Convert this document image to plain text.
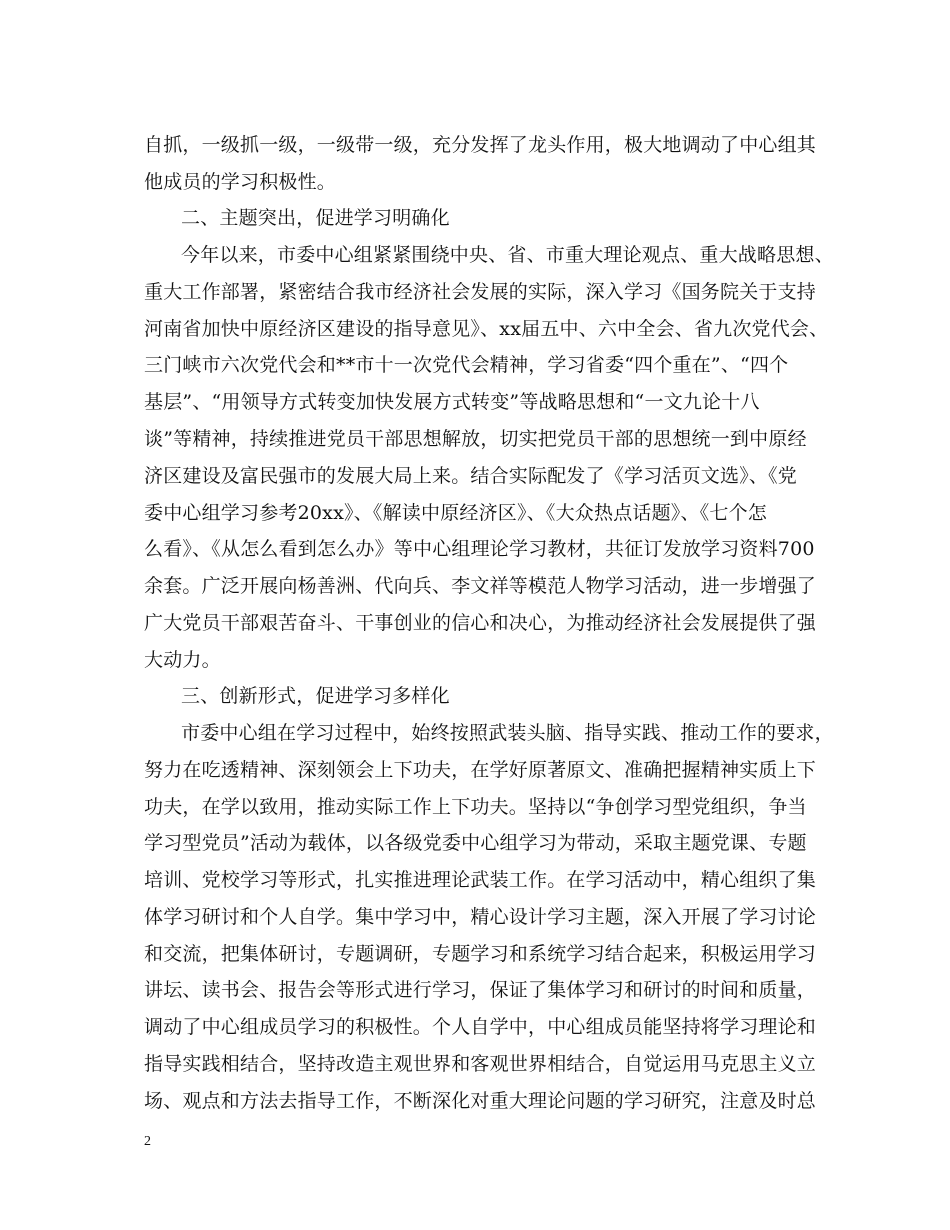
自抓，一级抓一级，一级带一级，充分发挥了龙头作用，极大地调动了中心组其
他成员的学习积极性。
二、主题突出，促进学习明确化
今年以来，市委中心组紧紧围绕中央、省、市重大理论观点、重大战略思想、
重大工作部署，紧密结合我市经济社会发展的实际，深入学习《国务院关于支持
河南省加快中原经济区建设的指导意见》、xx届五中、六中全会、省九次党代会、
三门峡市六次党代会和**市十一次党代会精神，学习省委“四个重在”、“四个
基层”、“用领导方式转变加快发展方式转变”等战略思想和“一文九论十八
谈”等精神，持续推进党员干部思想解放，切实把党员干部的思想统一到中原经
济区建设及富民强市的发展大局上来。结合实际配发了《学习活页文选》、《党
委中心组学习参考20xx》、《解读中原经济区》、《大众热点话题》、《七个怎
么看》、《从怎么看到怎么办》等中心组理论学习教材，共征订发放学习资料700
余套。广泛开展向杨善洲、代向兵、李文祥等模范人物学习活动，进一步增强了
广大党员干部艰苦奋斗、干事创业的信心和决心，为推动经济社会发展提供了强
大动力。
三、创新形式，促进学习多样化
市委中心组在学习过程中，始终按照武装头脑、指导实践、推动工作的要求，
努力在吃透精神、深刻领会上下功夫，在学好原著原文、准确把握精神实质上下
功夫，在学以致用，推动实际工作上下功夫。坚持以“争创学习型党组织，争当
学习型党员”活动为载体，以各级党委中心组学习为带动，采取主题党课、专题
培训、党校学习等形式，扎实推进理论武装工作。在学习活动中，精心组织了集
体学习研讨和个人自学。集中学习中，精心设计学习主题，深入开展了学习讨论
和交流，把集体研讨，专题调研，专题学习和系统学习结合起来，积极运用学习
讲坛、读书会、报告会等形式进行学习，保证了集体学习和研讨的时间和质量，
调动了中心组成员学习的积极性。个人自学中，中心组成员能坚持将学习理论和
指导实践相结合，坚持改造主观世界和客观世界相结合，自觉运用马克思主义立
场、观点和方法去指导工作，不断深化对重大理论问题的学习研究，注意及时总
2
